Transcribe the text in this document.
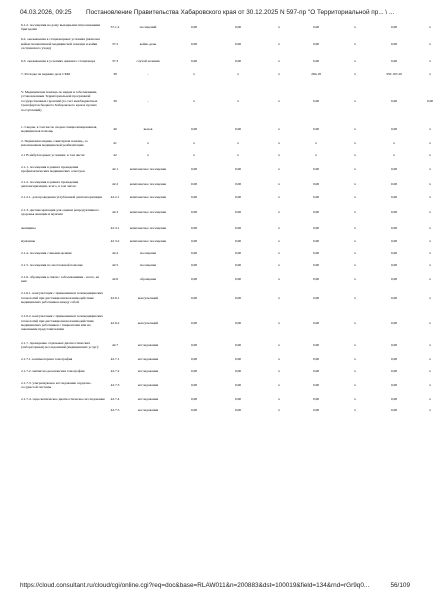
04.03.2026, 09:25 Постановление Правительства Хабаровского края от 30.12.2025 N 597-пр "О Территориальной пр... \ ...
6.1.2. посещения на дому выездными патронажными бригадами	37.1.2	посещений	0,00	0,00	x	0,00	x	0,00	x
6.2. оказываемая в стационарных условиях (включая койки паллиативной медицинской помощи и койки сестринского ухода)	37.2	койко-день	0,00	0,00	x	0,00	x	0,00	x
6.3. оказываемая в условиях дневного стационара	37.3	случай лечения	0,00	0,00	x	0,00	x	0,00	x
7. Расходы на ведение дела СМО	38	-	x	x	x	284,18	x	350 197,20	x
V. Медицинская помощь по видам и заболеваниям, установленным Территориальной программой государственных гарантий (за счет межбюджетных трансфертов бюджета Хабаровского края и прочих поступлений)	39	-	x	x	x	0,00	x	0,00	0,00
1. Скорая, в том числе скорая специализированная, медицинская помощь	40	вызов	0,00	0,00	x	0,00	x	0,00	x
2. Первичная медико-санитарная помощь, за исключением медицинской реабилитации	41	x	x	x	x	x	x	x	x
2.1 В амбулаторных условиях, в том числе:	42	x	x	x	x	x	x	x	x
2.1.1. посещения в рамках проведения профилактических медицинских осмотров	42.1	комплексное посещение	0,00	0,00	x	0,00	x	0,00	x
2.1.2. посещения в рамках проведения диспансеризации, всего, в том числе:	42.2	комплексное посещение	0,00	0,00	x	0,00	x	0,00	x
2.1.2.1. для проведения углубленной диспансеризации	42.2.1	комплексное посещение	0,00	0,00	x	0,00	x	0,00	x
2.1.3. диспансеризация для оценки репродуктивного здоровья женщин и мужчин	42.3	комплексное посещение	0,00	0,00	x	0,00	x	0,00	x
женщины	42.3.1	комплексное посещение	0,00	0,00	x	0,00	x	0,00	x
мужчины	42.3.2	комплексное посещение	0,00	0,00	x	0,00	x	0,00	x
2.1.4. посещения с иными целями	42.4	посещение	0,00	0,00	x	0,00	x	0,00	x
2.1.5. посещения по неотложной помощи	42.5	посещение	0,00	0,00	x	0,00	x	0,00	x
2.1.6. обращения в связи с заболеваниями - всего, из них:	42.6	обращение	0,00	0,00	x	0,00	x	0,00	x
2.1.6.1. консультация с применением телемедицинских технологий при дистанционном взаимодействии медицинских работников между собой	42.6.1	консультаций	0,00	0,00	x	0,00	x	0,00	x
2.1.6.2. консультация с применением телемедицинских технологий при дистанционном взаимодействии медицинских работников с пациентами или их законными представителями	42.6.2	консультаций	0,00	0,00	x	0,00	x	0,00	x
2.1.7. проведение отдельных диагностических (лабораторных) исследований (медицинских услуг):	42.7	исследования	0,00	0,00	x	0,00	x	0,00	x
2.1.7.1. компьютерная томография	42.7.1	исследования	0,00	0,00	x	0,00	x	0,00	x
2.1.7.2. магнитно-резонансная томография	42.7.2	исследования	0,00	0,00	x	0,00	x	0,00	x
2.1.7.3. ультразвуковое исследование сердечно-сосудистой системы	42.7.3	исследования	0,00	0,00	x	0,00	x	0,00	x
2.1.7.4. эндоскопическое диагностическое исследование	42.7.4	исследования	0,00	0,00	x	0,00	x	0,00	x
	42.7.5	исследования	0,00	0,00	x	0,00	x	0,00	x
https://cloud.consultant.ru/cloud/cgi/online.cgi?req=doc&base=RLAW011&n=200883&dst=100019&field=134&rnd=rGr9q0...	56/109
